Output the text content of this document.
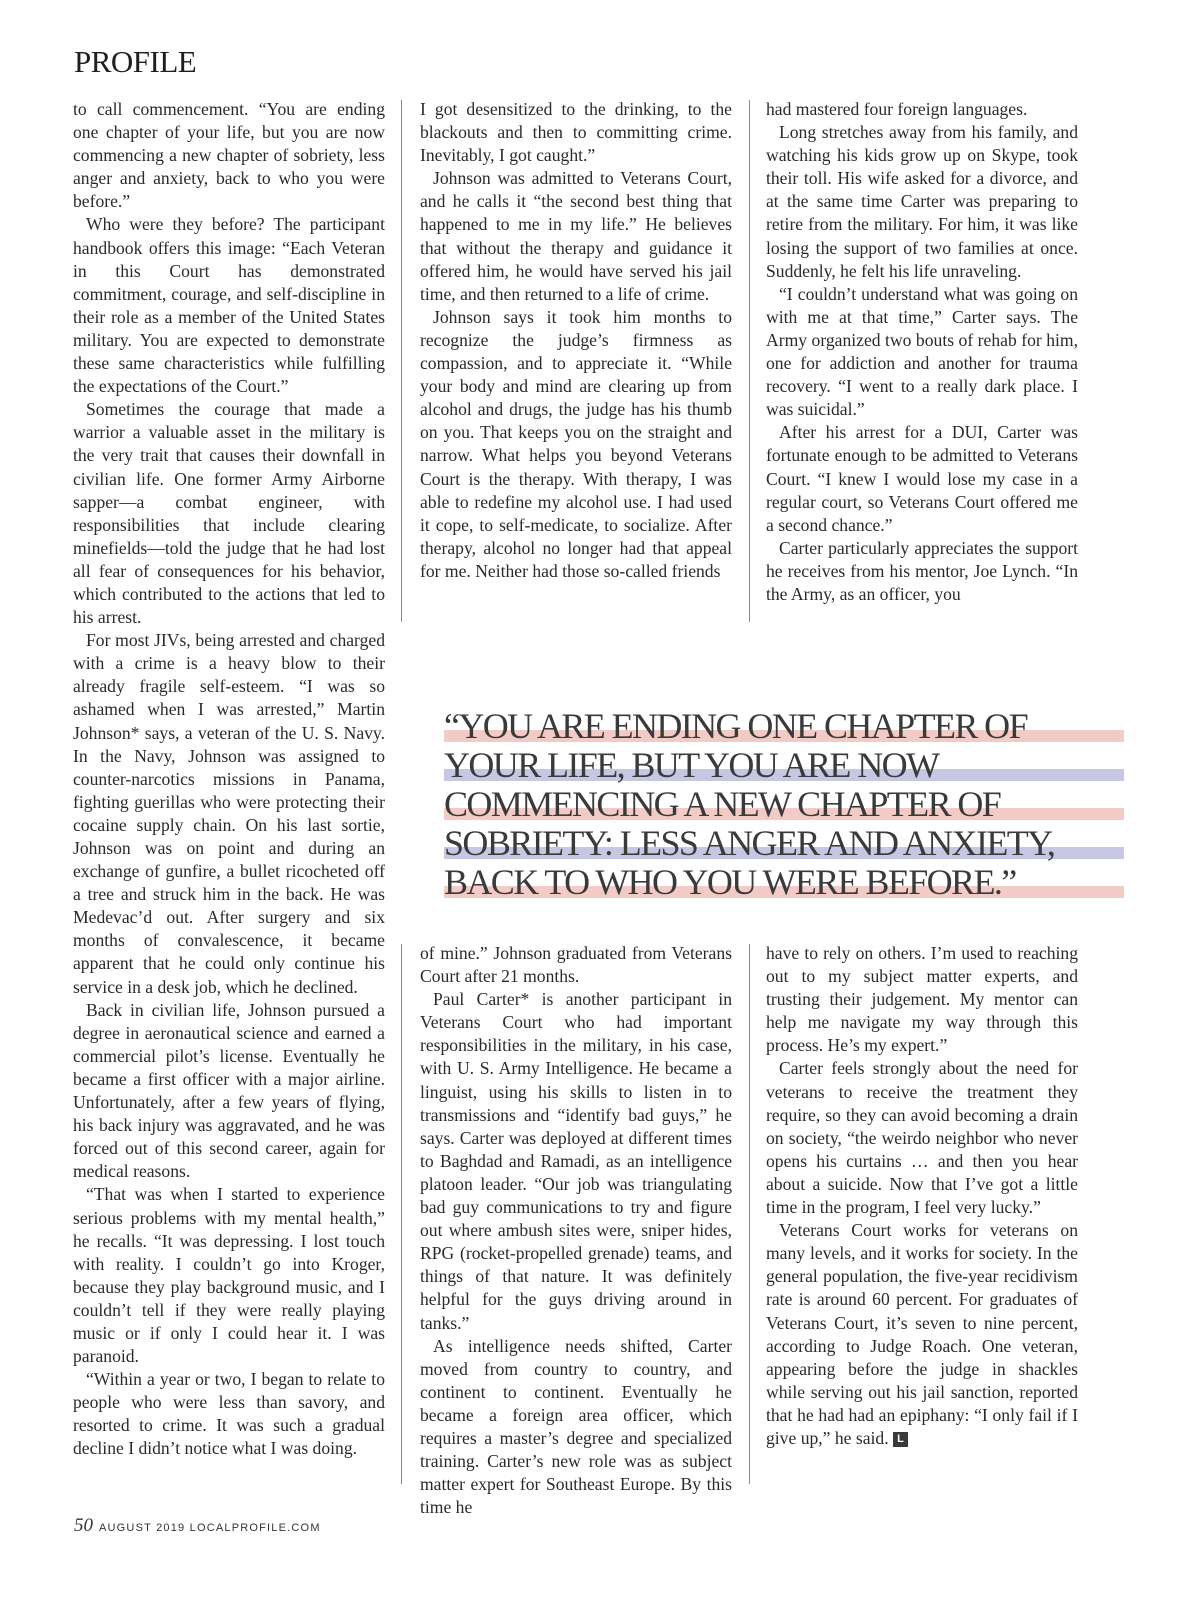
PROFILE

to call commencement. “You are ending one chapter of your life, but you are now commencing a new chapter of sobriety, less anger and anxiety, back to who you were before.”

Who were they before? The participant handbook offers this image: “Each Veteran in this Court has demonstrated commitment, courage, and self-discipline in their role as a member of the United States military. You are expected to demonstrate these same characteristics while fulfilling the expectations of the Court.”

Sometimes the courage that made a warrior a valuable asset in the military is the very trait that causes their downfall in civilian life. One former Army Airborne sapper—a combat engineer, with responsibilities that include clearing minefields—told the judge that he had lost all fear of consequences for his behavior, which contributed to the actions that led to his arrest.

For most JIVs, being arrested and charged with a crime is a heavy blow to their already fragile self-esteem. “I was so ashamed when I was arrested,” Martin Johnson* says, a veteran of the U. S. Navy. In the Navy, Johnson was assigned to counter-narcotics missions in Panama, fighting guerillas who were protecting their cocaine supply chain. On his last sortie, Johnson was on point and during an exchange of gunfire, a bullet ricocheted off a tree and struck him in the back. He was Medevac’d out. After surgery and six months of convalescence, it became apparent that he could only continue his service in a desk job, which he declined.

Back in civilian life, Johnson pursued a degree in aeronautical science and earned a commercial pilot’s license. Eventually he became a first officer with a major airline. Unfortunately, after a few years of flying, his back injury was aggravated, and he was forced out of this second career, again for medical reasons.

“That was when I started to experience serious problems with my mental health,” he recalls. “It was depressing. I lost touch with reality. I couldn’t go into Kroger, because they play background music, and I couldn’t tell if they were really playing music or if only I could hear it. I was paranoid.

“Within a year or two, I began to relate to people who were less than savory, and resorted to crime. It was such a gradual decline I didn’t notice what I was doing.

I got desensitized to the drinking, to the blackouts and then to committing crime. Inevitably, I got caught.”

Johnson was admitted to Veterans Court, and he calls it “the second best thing that happened to me in my life.” He believes that without the therapy and guidance it offered him, he would have served his jail time, and then returned to a life of crime.

Johnson says it took him months to recognize the judge’s firmness as compassion, and to appreciate it. “While your body and mind are clearing up from alcohol and drugs, the judge has his thumb on you. That keeps you on the straight and narrow. What helps you beyond Veterans Court is the therapy. With therapy, I was able to redefine my alcohol use. I had used it cope, to self-medicate, to socialize. After therapy, alcohol no longer had that appeal for me. Neither had those so-called friends

had mastered four foreign languages.

Long stretches away from his family, and watching his kids grow up on Skype, took their toll. His wife asked for a divorce, and at the same time Carter was preparing to retire from the military. For him, it was like losing the support of two families at once. Suddenly, he felt his life unraveling.

“I couldn’t understand what was going on with me at that time,” Carter says. The Army organized two bouts of rehab for him, one for addiction and another for trauma recovery. “I went to a really dark place. I was suicidal.”

After his arrest for a DUI, Carter was fortunate enough to be admitted to Veterans Court. “I knew I would lose my case in a regular court, so Veterans Court offered me a second chance.”

Carter particularly appreciates the support he receives from his mentor, Joe Lynch. “In the Army, as an officer, you

“YOU ARE ENDING ONE CHAPTER OF
YOUR LIFE, BUT YOU ARE NOW
COMMENCING A NEW CHAPTER OF
SOBRIETY: LESS ANGER AND ANXIETY,
BACK TO WHO YOU WERE BEFORE.”

of mine.” Johnson graduated from Veterans Court after 21 months.

Paul Carter* is another participant in Veterans Court who had important responsibilities in the military, in his case, with U. S. Army Intelligence. He became a linguist, using his skills to listen in to transmissions and “identify bad guys,” he says. Carter was deployed at different times to Baghdad and Ramadi, as an intelligence platoon leader. “Our job was triangulating bad guy communications to try and figure out where ambush sites were, sniper hides, RPG (rocket-propelled grenade) teams, and things of that nature. It was definitely helpful for the guys driving around in tanks.”

As intelligence needs shifted, Carter moved from country to country, and continent to continent. Eventually he became a foreign area officer, which requires a master’s degree and specialized training. Carter’s new role was as subject matter expert for Southeast Europe. By this time he

have to rely on others. I’m used to reaching out to my subject matter experts, and trusting their judgement. My mentor can help me navigate my way through this process. He’s my expert.”

Carter feels strongly about the need for veterans to receive the treatment they require, so they can avoid becoming a drain on society, “the weirdo neighbor who never opens his curtains … and then you hear about a suicide. Now that I’ve got a little time in the program, I feel very lucky.”

Veterans Court works for veterans on many levels, and it works for society. In the general population, the five-year recidivism rate is around 60 percent. For graduates of Veterans Court, it’s seven to nine percent, according to Judge Roach. One veteran, appearing before the judge in shackles while serving out his jail sanction, reported that he had had an epiphany: “I only fail if I give up,” he said. L

50 AUGUST 2019 LOCALPROFILE.COM
